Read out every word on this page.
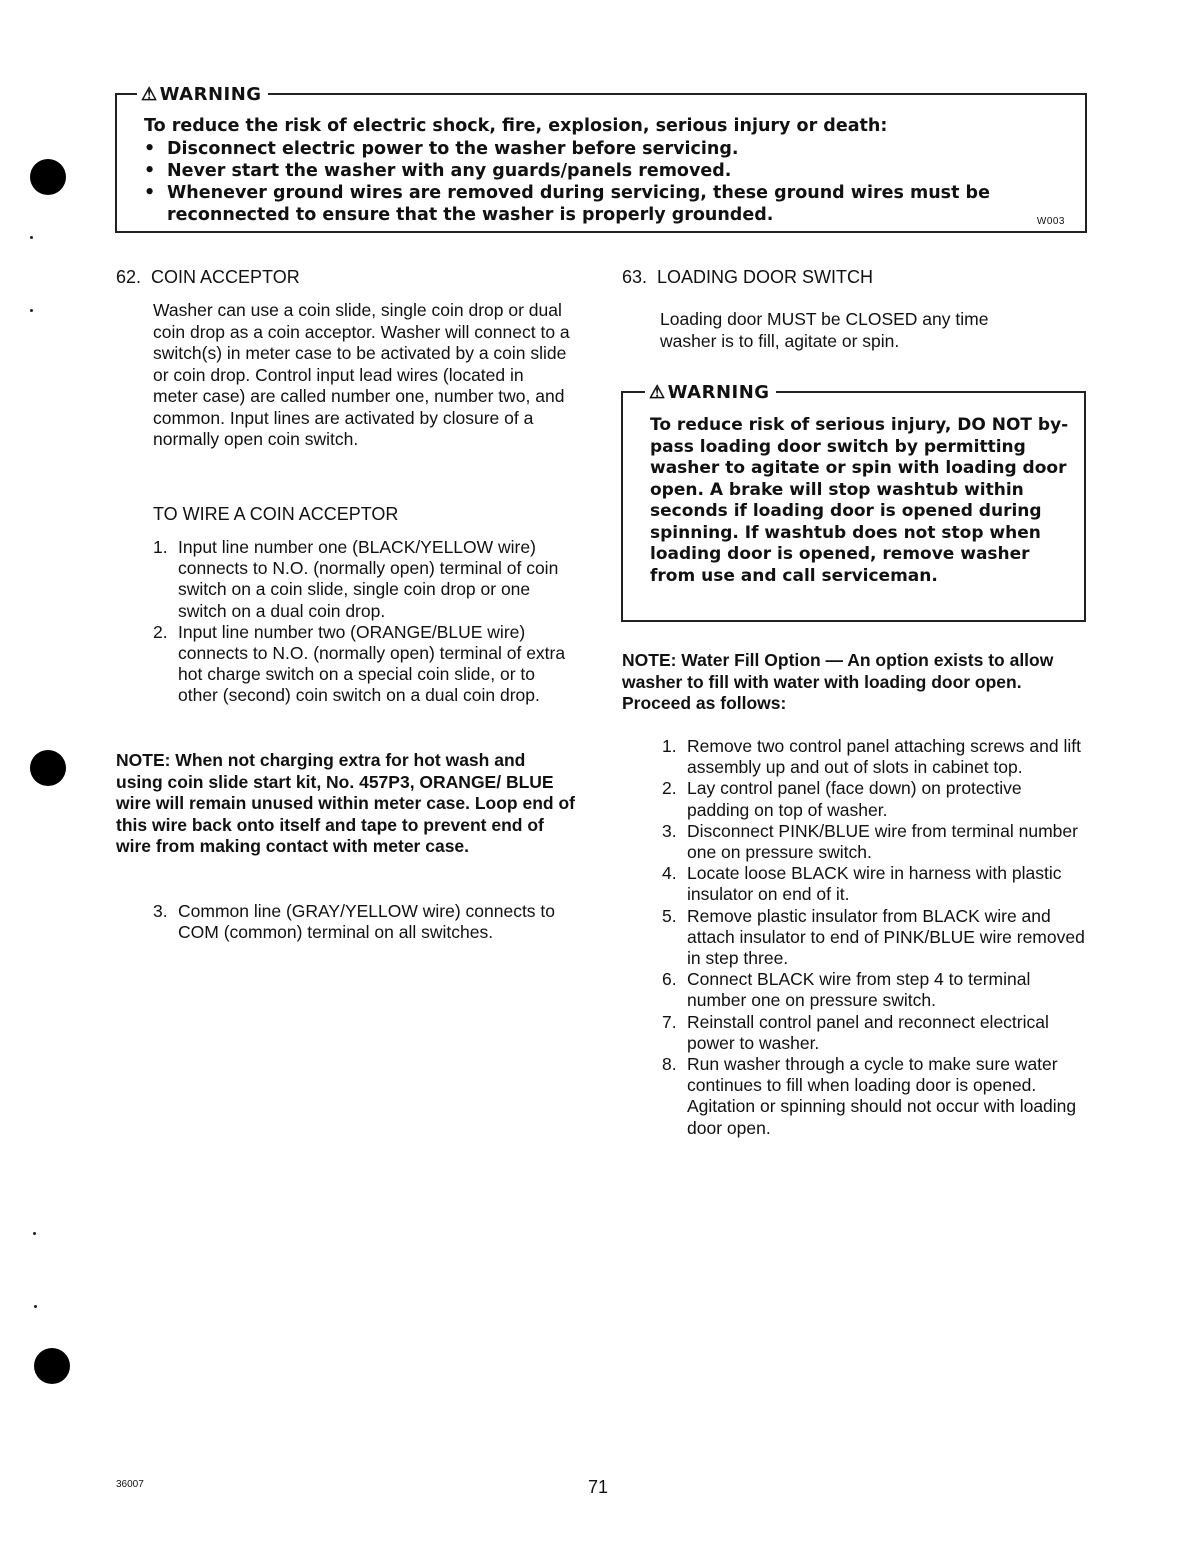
⚠ WARNING
To reduce the risk of electric shock, fire, explosion, serious injury or death:
• Disconnect electric power to the washer before servicing.
• Never start the washer with any guards/panels removed.
• Whenever ground wires are removed during servicing, these ground wires must be
reconnected to ensure that the washer is properly grounded.	W003
62.  COIN ACCEPTOR
Washer can use a coin slide, single coin drop or dual coin drop as a coin acceptor. Washer will connect to a switch(s) in meter case to be activated by a coin slide or coin drop. Control input lead wires (located in meter case) are called number one, number two, and common. Input lines are activated by closure of a normally open coin switch.
TO WIRE A COIN ACCEPTOR
1. Input line number one (BLACK/YELLOW wire) connects to N.O. (normally open) terminal of coin switch on a coin slide, single coin drop or one switch on a dual coin drop.
2. Input line number two (ORANGE/BLUE wire) connects to N.O. (normally open) terminal of extra hot charge switch on a special coin slide, or to other (second) coin switch on a dual coin drop.
NOTE: When not charging extra for hot wash and using coin slide start kit, No. 457P3, ORANGE/ BLUE wire will remain unused within meter case. Loop end of this wire back onto itself and tape to prevent end of wire from making contact with meter case.
3. Common line (GRAY/YELLOW wire) connects to COM (common) terminal on all switches.
63.  LOADING DOOR SWITCH
Loading door MUST be CLOSED any time washer is to fill, agitate or spin.
⚠ WARNING
To reduce risk of serious injury, DO NOT by-pass loading door switch by permitting washer to agitate or spin with loading door open. A brake will stop washtub within seconds if loading door is opened during spinning. If washtub does not stop when loading door is opened, remove washer from use and call serviceman.
NOTE: Water Fill Option — An option exists to allow washer to fill with water with loading door open. Proceed as follows:
1. Remove two control panel attaching screws and lift assembly up and out of slots in cabinet top.
2. Lay control panel (face down) on protective padding on top of washer.
3. Disconnect PINK/BLUE wire from terminal number one on pressure switch.
4. Locate loose BLACK wire in harness with plastic insulator on end of it.
5. Remove plastic insulator from BLACK wire and attach insulator to end of PINK/BLUE wire removed in step three.
6. Connect BLACK wire from step 4 to terminal number one on pressure switch.
7. Reinstall control panel and reconnect electrical power to washer.
8. Run washer through a cycle to make sure water continues to fill when loading door is opened. Agitation or spinning should not occur with loading door open.
36007	71
